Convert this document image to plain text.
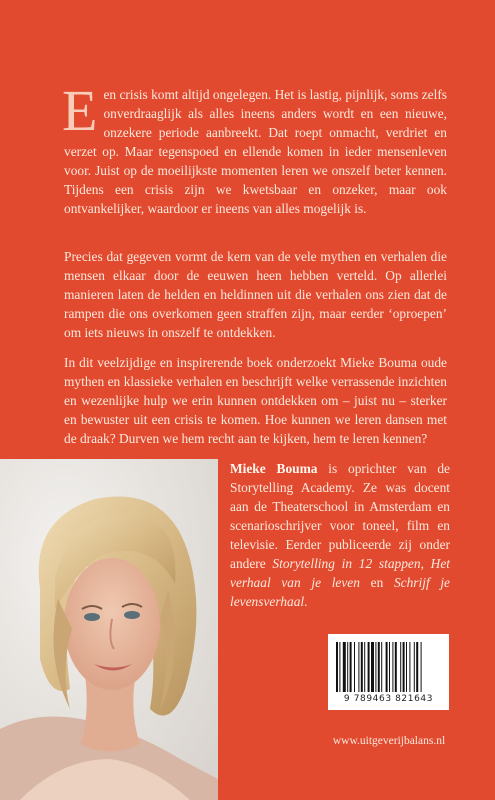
Een crisis komt altijd ongelegen. Het is lastig, pijnlijk, soms zelfs onverdraaglijk als alles ineens anders wordt en een nieuwe, onzekere periode aanbreekt. Dat roept onmacht, verdriet en verzet op. Maar tegenspoed en ellende komen in ieder mensenleven voor. Juist op de moeilijkste momenten leren we onszelf beter kennen. Tijdens een crisis zijn we kwetsbaar en onzeker, maar ook ontvankelijker, waardoor er ineens van alles mogelijk is.

Precies dat gegeven vormt de kern van de vele mythen en verhalen die mensen elkaar door de eeuwen heen hebben verteld. Op allerlei manieren laten de helden en heldinnen uit die verhalen ons zien dat de rampen die ons overkomen geen straffen zijn, maar eerder ‘oproepen’ om iets nieuws in onszelf te ontdekken.

In dit veelzijdige en inspirerende boek onderzoekt Mieke Bouma oude mythen en klassieke verhalen en beschrijft welke verrassende inzichten en wezenlijke hulp we erin kunnen ontdekken om – juist nu – sterker en bewuster uit een crisis te komen. Hoe kunnen we leren dansen met de draak? Durven we hem recht aan te kijken, hem te leren kennen?

Mieke Bouma is oprichter van de Storytelling Academy. Ze was docent aan de Theaterschool in Amsterdam en scenarioschrijver voor toneel, film en televisie. Eerder publiceerde zij onder andere Storytelling in 12 stappen, Het verhaal van je leven en Schrijf je levensverhaal.

9 789463 821643
www.uitgeverijbalans.nl
